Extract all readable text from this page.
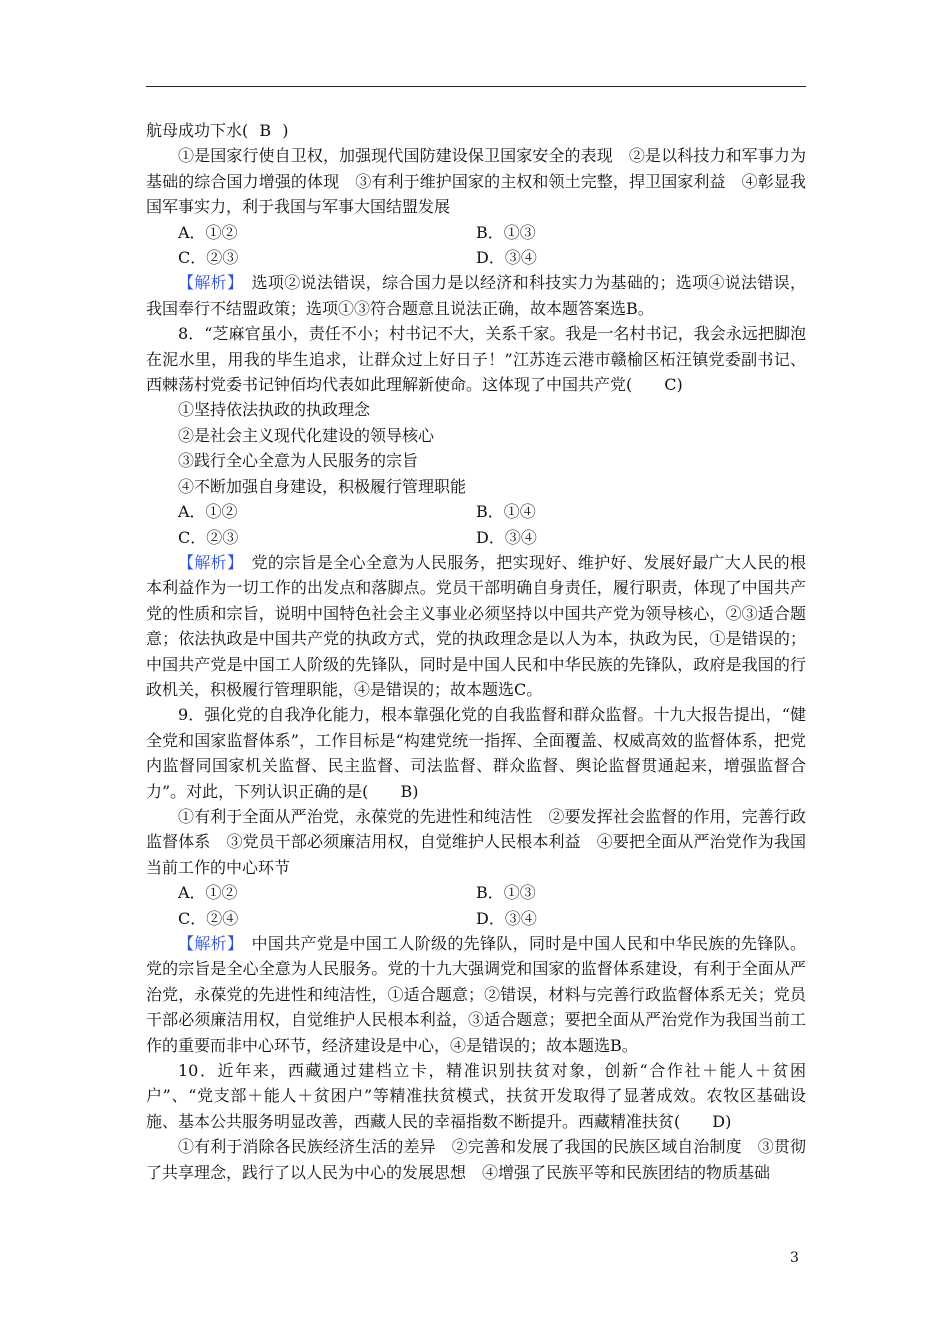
航母成功下水( B )

①是国家行使自卫权，加强现代国防建设保卫国家安全的表现　②是以科技力和军事力为基础的综合国力增强的体现　③有利于维护国家的主权和领土完整，捍卫国家利益　④彰显我国军事实力，利于我国与军事大国结盟发展

A．①②	B．①③
C．②③	D．③④

【解析】　 选项②说法错误，综合国力是以经济和科技实力为基础的；选项④说法错误，我国奉行不结盟政策；选项①③符合题意且说法正确，故本题答案选B。

8．“芝麻官虽小，责任不小；村书记不大，关系千家。我是一名村书记，我会永远把脚泡在泥水里，用我的毕生追求，让群众过上好日子！”江苏连云港市赣榆区柘汪镇党委副书记、西棘荡村党委书记钟佰均代表如此理解新使命。这体现了中国共产党( C)

①坚持依法执政的执政理念

②是社会主义现代化建设的领导核心

③践行全心全意为人民服务的宗旨

④不断加强自身建设，积极履行管理职能

A．①②	B．①④
C．②③	D．③④

【解析】　 党的宗旨是全心全意为人民服务，把实现好、维护好、发展好最广大人民的根本利益作为一切工作的出发点和落脚点。党员干部明确自身责任，履行职责，体现了中国共产党的性质和宗旨，说明中国特色社会主义事业必须坚持以中国共产党为领导核心，②③适合题意；依法执政是中国共产党的执政方式，党的执政理念是以人为本，执政为民，①是错误的；中国共产党是中国工人阶级的先锋队，同时是中国人民和中华民族的先锋队，政府是我国的行政机关，积极履行管理职能，④是错误的；故本题选C。

9．强化党的自我净化能力，根本靠强化党的自我监督和群众监督。十九大报告提出，“健全党和国家监督体系”，工作目标是“构建党统一指挥、全面覆盖、权威高效的监督体系，把党内监督同国家机关监督、民主监督、司法监督、群众监督、舆论监督贯通起来，增强监督合力”。对此，下列认识正确的是( B)

①有利于全面从严治党，永葆党的先进性和纯洁性　②要发挥社会监督的作用，完善行政监督体系　③党员干部必须廉洁用权，自觉维护人民根本利益　④要把全面从严治党作为我国当前工作的中心环节

A．①②	B．①③
C．②④	D．③④

【解析】　 中国共产党是中国工人阶级的先锋队，同时是中国人民和中华民族的先锋队。党的宗旨是全心全意为人民服务。党的十九大强调党和国家的监督体系建设，有利于全面从严治党，永葆党的先进性和纯洁性，①适合题意；②错误，材料与完善行政监督体系无关；党员干部必须廉洁用权，自觉维护人民根本利益，③适合题意；要把全面从严治党作为我国当前工作的重要而非中心环节，经济建设是中心，④是错误的；故本题选B。

10．近年来，西藏通过建档立卡，精准识别扶贫对象，创新“合作社＋能人＋贫困户”、“党支部＋能人＋贫困户”等精准扶贫模式，扶贫开发取得了显著成效。农牧区基础设施、基本公共服务明显改善，西藏人民的幸福指数不断提升。西藏精准扶贫( D)

①有利于消除各民族经济生活的差异　②完善和发展了我国的民族区域自治制度　③贯彻了共享理念，践行了以人民为中心的发展思想　④增强了民族平等和民族团结的物质基础

3
